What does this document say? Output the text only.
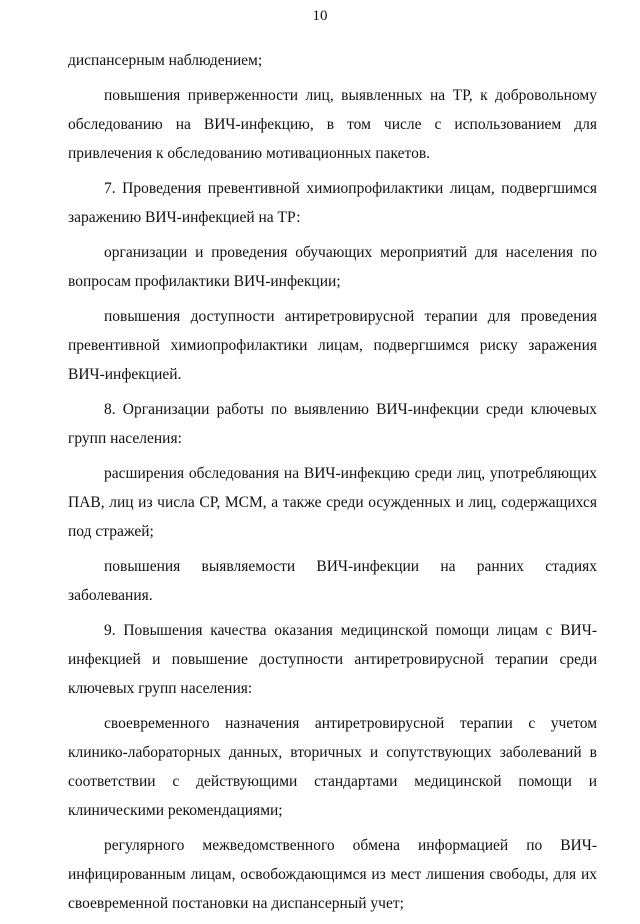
10

диспансерным наблюдением;

повышения приверженности лиц, выявленных на ТР, к добровольному обследованию на ВИЧ-инфекцию, в том числе с использованием для привлечения к обследованию мотивационных пакетов.

7. Проведения превентивной химиопрофилактики лицам, подвергшимся заражению ВИЧ-инфекцией на ТР:

организации и проведения обучающих мероприятий для населения по вопросам профилактики ВИЧ-инфекции;

повышения доступности антиретровирусной терапии для проведения превентивной химиопрофилактики лицам, подвергшимся риску заражения ВИЧ-инфекцией.

8. Организации работы по выявлению ВИЧ-инфекции среди ключевых групп населения:

расширения обследования на ВИЧ-инфекцию среди лиц, употребляющих ПАВ, лиц из числа СР, МСМ, а также среди осужденных и лиц, содержащихся под стражей;

повышения выявляемости ВИЧ-инфекции на ранних стадиях заболевания.

9. Повышения качества оказания медицинской помощи лицам с ВИЧ-инфекцией и повышение доступности антиретровирусной терапии среди ключевых групп населения:

своевременного назначения антиретровирусной терапии с учетом клинико-лабораторных данных, вторичных и сопутствующих заболеваний в соответствии с действующими стандартами медицинской помощи и клиническими рекомендациями;

регулярного межведомственного обмена информацией по ВИЧ-инфицированным лицам, освобождающимся из мест лишения свободы, для их своевременной постановки на диспансерный учет;
